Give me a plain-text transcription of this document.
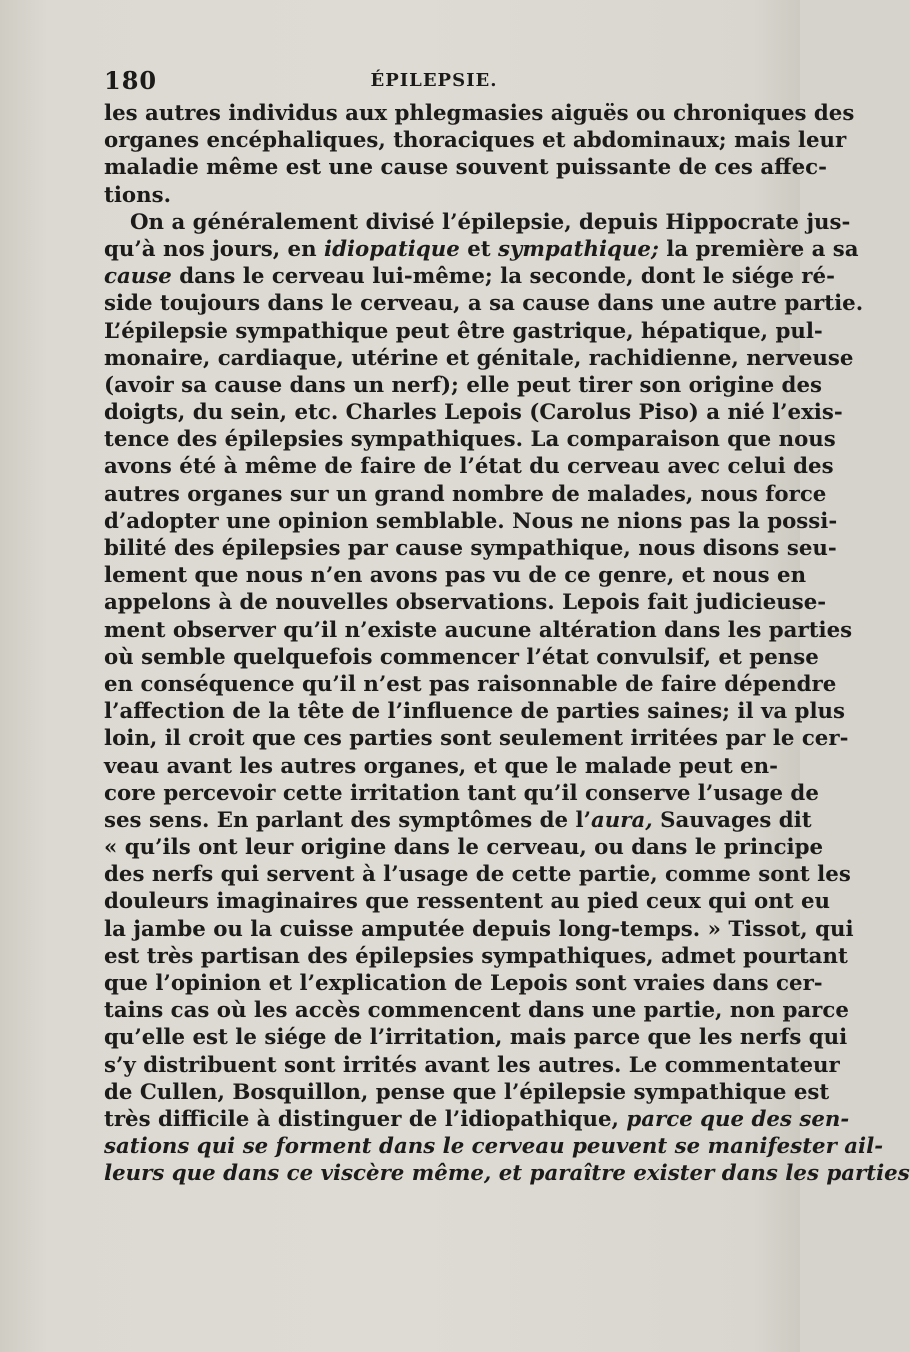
180	ÉPILEPSIE.
les autres individus aux phlegmasies aiguës ou chroniques des
organes encéphaliques, thoraciques et abdominaux; mais leur
maladie même est une cause souvent puissante de ces affec-
tions.
On a généralement divisé l’épilepsie, depuis Hippocrate jus-
qu’à nos jours, en idiopatique et sympathique; la première a sa
cause dans le cerveau lui-même; la seconde, dont le siége ré-
side toujours dans le cerveau, a sa cause dans une autre partie.
L’épilepsie sympathique peut être gastrique, hépatique, pul-
monaire, cardiaque, utérine et génitale, rachidienne, nerveuse
(avoir sa cause dans un nerf); elle peut tirer son origine des
doigts, du sein, etc. Charles Lepois (Carolus Piso) a nié l’exis-
tence des épilepsies sympathiques. La comparaison que nous
avons été à même de faire de l’état du cerveau avec celui des
autres organes sur un grand nombre de malades, nous force
d’adopter une opinion semblable. Nous ne nions pas la possi-
bilité des épilepsies par cause sympathique, nous disons seu-
lement que nous n’en avons pas vu de ce genre, et nous en
appelons à de nouvelles observations. Lepois fait judicieuse-
ment observer qu’il n’existe aucune altération dans les parties
où semble quelquefois commencer l’état convulsif, et pense
en conséquence qu’il n’est pas raisonnable de faire dépendre
l’affection de la tête de l’influence de parties saines; il va plus
loin, il croit que ces parties sont seulement irritées par le cer-
veau avant les autres organes, et que le malade peut en-
core percevoir cette irritation tant qu’il conserve l’usage de
ses sens. En parlant des symptômes de l’aura, Sauvages dit
« qu’ils ont leur origine dans le cerveau, ou dans le principe
des nerfs qui servent à l’usage de cette partie, comme sont les
douleurs imaginaires que ressentent au pied ceux qui ont eu
la jambe ou la cuisse amputée depuis long-temps. » Tissot, qui
est très partisan des épilepsies sympathiques, admet pourtant
que l’opinion et l’explication de Lepois sont vraies dans cer-
tains cas où les accès commencent dans une partie, non parce
qu’elle est le siége de l’irritation, mais parce que les nerfs qui
s’y distribuent sont irrités avant les autres. Le commentateur
de Cullen, Bosquillon, pense que l’épilepsie sympathique est
très difficile à distinguer de l’idiopathique, parce que des sen-
sations qui se forment dans le cerveau peuvent se manifester ail-
leurs que dans ce viscère même, et paraître exister dans les parties
